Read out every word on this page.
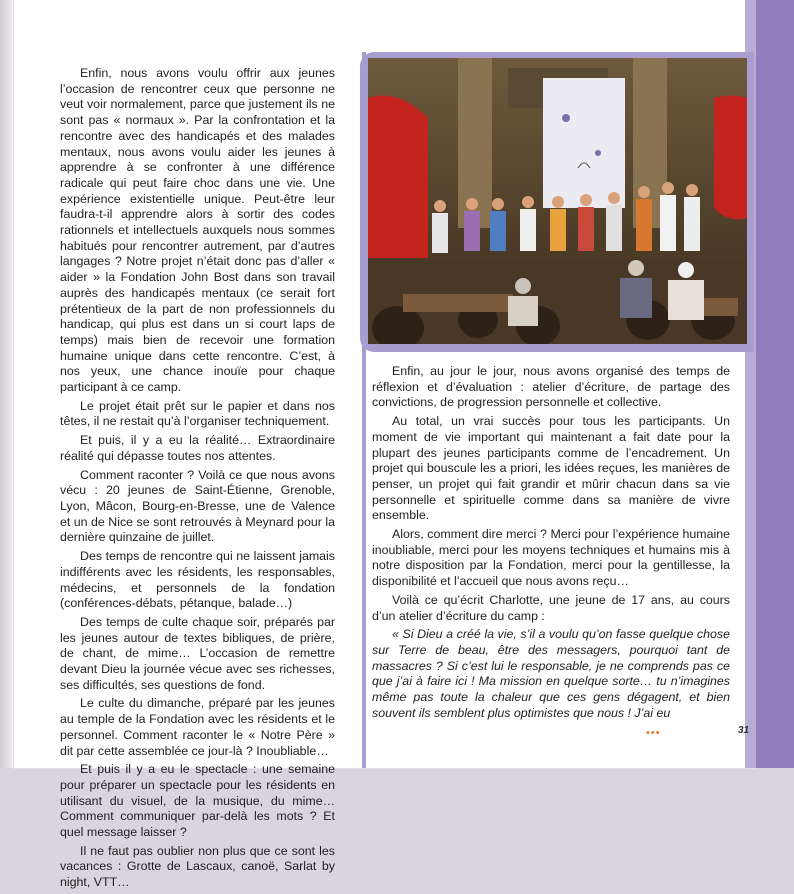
Enfin, nous avons voulu offrir aux jeunes l’occasion de rencontrer ceux que personne ne veut voir normalement, parce que justement ils ne sont pas « normaux ». Par la confrontation et la rencontre avec des handicapés et des malades mentaux, nous avons voulu aider les jeunes à apprendre à se confronter à une différence radicale qui peut faire choc dans une vie. Une expérience existentielle unique. Peut-être leur faudra-t-il apprendre alors à sortir des codes rationnels et intellectuels auxquels nous sommes habitués pour rencontrer autrement, par d’autres langages ? Notre projet n’était donc pas d’aller « aider » la Fondation John Bost dans son travail auprès des handicapés mentaux (ce serait fort prétentieux de la part de non professionnels du handicap, qui plus est dans un si court laps de temps) mais bien de recevoir une formation humaine unique dans cette rencontre. C’est, à nos yeux, une chance inouïe pour chaque participant à ce camp.

Le projet était prêt sur le papier et dans nos têtes, il ne restait qu’à l’organiser techniquement.

Et puis, il y a eu la réalité… Extraordinaire réalité qui dépasse toutes nos attentes.

Comment raconter ? Voilà ce que nous avons vécu : 20 jeunes de Saint-Étienne, Grenoble, Lyon, Mâcon, Bourg-en-Bresse, une de Valence et un de Nice se sont retrouvés à Meynard pour la dernière quinzaine de juillet.

Des temps de rencontre qui ne laissent jamais indifférents avec les résidents, les responsables, médecins, et personnels de la fondation (conférences-débats, pétanque, balade…)

Des temps de culte chaque soir, préparés par les jeunes autour de textes bibliques, de prière, de chant, de mime… L’occasion de remettre devant Dieu la journée vécue avec ses richesses, ses difficultés, ses questions de fond.

Le culte du dimanche, préparé par les jeunes au temple de la Fondation avec les résidents et le personnel. Comment raconter le « Notre Père » dit par cette assemblée ce jour-là ? Inoubliable…

Et puis il y a eu le spectacle : une semaine pour préparer un spectacle pour les résidents en utilisant du visuel, de la musique, du mime… Comment communiquer par-delà les mots ? Et quel message laisser ?

Il ne faut pas oublier non plus que ce sont les vacances : Grotte de Lascaux, canoë, Sarlat by night, VTT…

Enfin, au jour le jour, nous avons organisé des temps de réflexion et d’évaluation : atelier d’écriture, de partage des convictions, de progression personnelle et collective.

Au total, un vrai succès pour tous les participants. Un moment de vie important qui maintenant a fait date pour la plupart des jeunes participants comme de l’encadrement. Un projet qui bouscule les a priori, les idées reçues, les manières de penser, un projet qui fait grandir et mûrir chacun dans sa vie personnelle et spirituelle comme dans sa manière de vivre ensemble.

Alors, comment dire merci ? Merci pour l’expérience humaine inoubliable, merci pour les moyens techniques et humains mis à notre disposition par la Fondation, merci pour la gentillesse, la disponibilité et l’accueil que nous avons reçu…

Voilà ce qu’écrit Charlotte, une jeune de 17 ans, au cours d’un atelier d’écriture du camp :

« Si Dieu a créé la vie, s’il a voulu qu’on fasse quelque chose sur Terre de beau, être des messagers, pourquoi tant de massacres ? Si c’est lui le responsable, je ne comprends pas ce que j’ai à faire ici ! Ma mission en quelque sorte… tu n’imagines même pas toute la chaleur que ces gens dégagent, et bien souvent ils semblent plus optimistes que nous ! J’ai eu

•••	31
